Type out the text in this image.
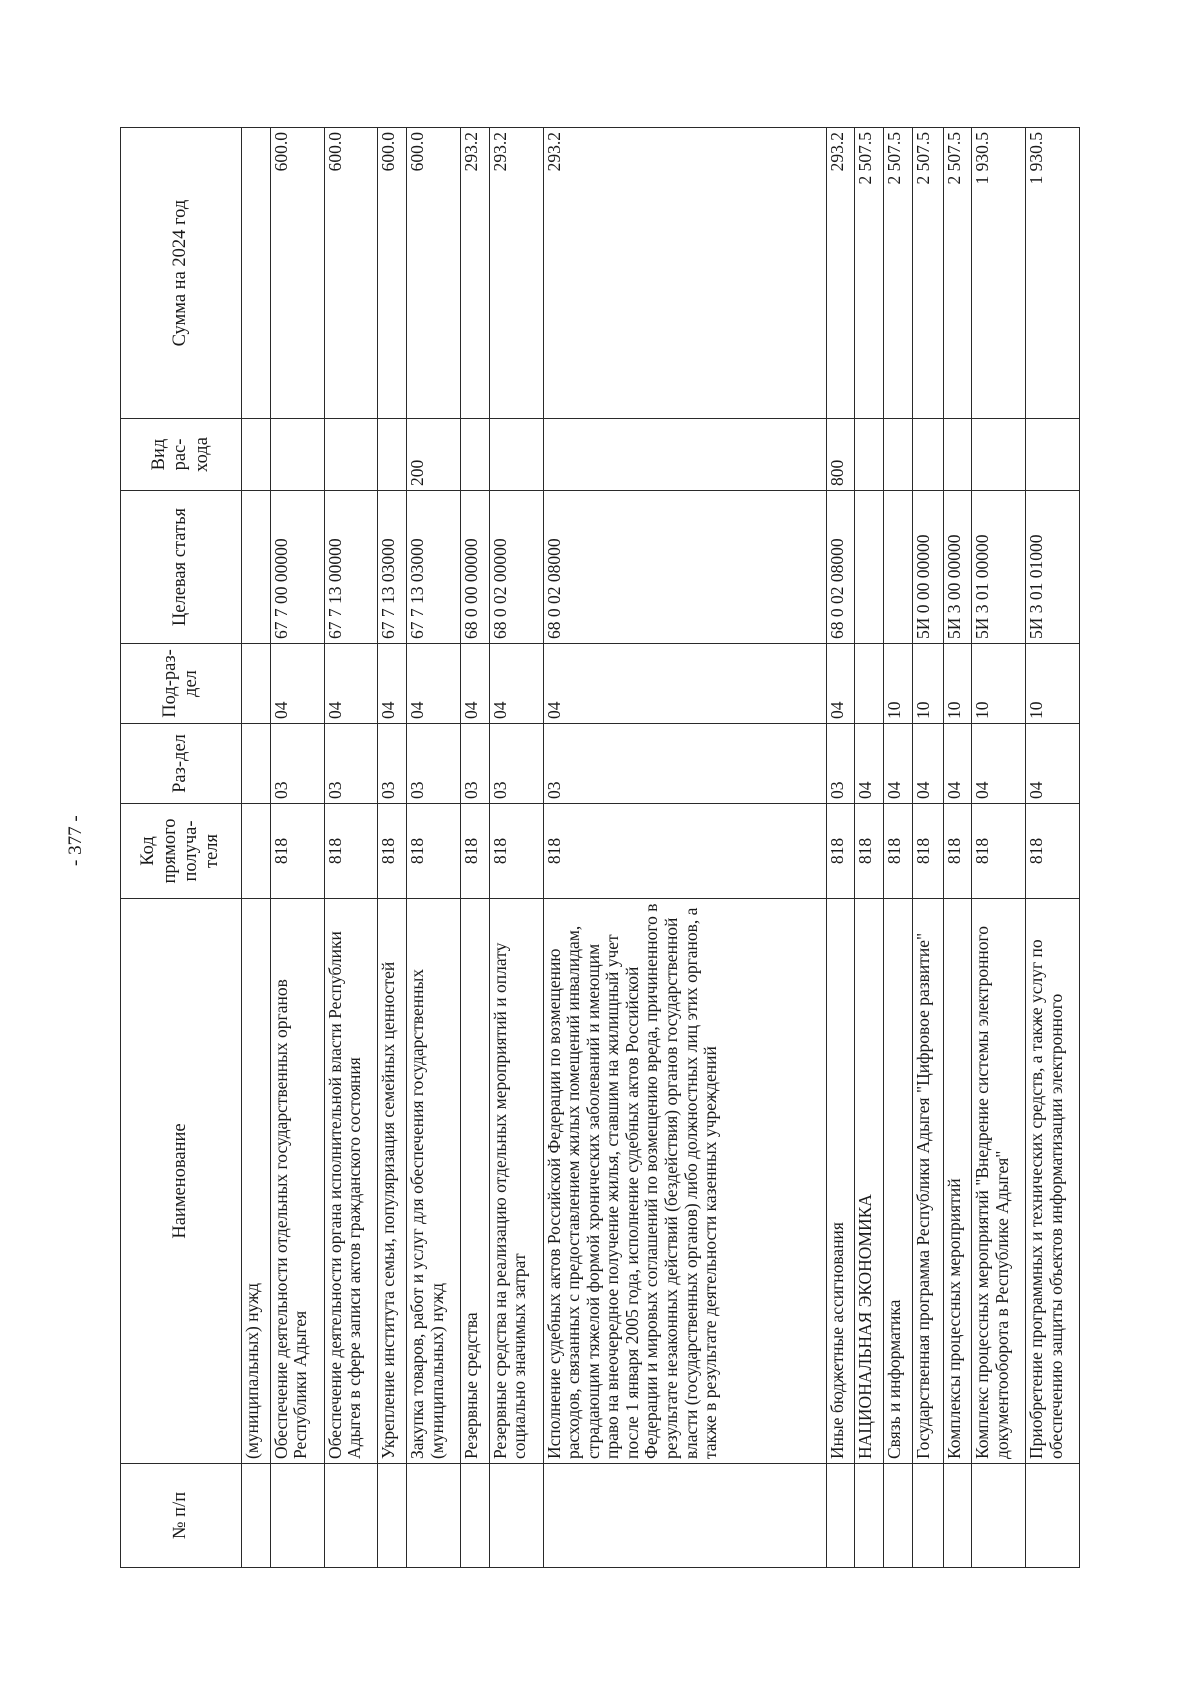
- 377 -
№ п/п	Наименование	Код прямого получа-теля	Раз-дел	Под-раз-дел	Целевая статья	Вид рас-хода	Сумма на 2024 год
	(муниципальных) нужд						
	Обеспечение деятельности отдельных государственных органов Республики Адыгея	818	03	04	67 7 00 00000		600.0
	Обеспечение деятельности органа исполнительной власти Республики Адыгея в сфере записи актов гражданского состояния	818	03	04	67 7 13 00000		600.0
	Укрепление института семьи, популяризация семейных ценностей	818	03	04	67 7 13 03000		600.0
	Закупка товаров, работ и услуг для обеспечения государственных (муниципальных) нужд	818	03	04	67 7 13 03000	200	600.0
	Резервные средства	818	03	04	68 0 00 00000		293.2
	Резервные средства на реализацию отдельных мероприятий и оплату социально значимых затрат	818	03	04	68 0 02 00000		293.2
	Исполнение судебных актов Российской Федерации по возмещению расходов, связанных с предоставлением жилых помещений инвалидам, страдающим тяжелой формой хронических заболеваний и имеющим право на внеочередное получение жилья, ставшим на жилищный учет после 1 января 2005 года, исполнение судебных актов Российской Федерации и мировых соглашений по возмещению вреда, причиненного в результате незаконных действий (бездействия) органов государственной власти (государственных органов) либо должностных лиц этих органов, а также в результате деятельности казенных учреждений	818	03	04	68 0 02 08000		293.2
	Иные бюджетные ассигнования	818	03	04	68 0 02 08000	800	293.2
	НАЦИОНАЛЬНАЯ ЭКОНОМИКА	818	04				2 507.5
	Связь и информатика	818	04	10			2 507.5
	Государственная программа Республики Адыгея "Цифровое развитие"	818	04	10	5И 0 00 00000		2 507.5
	Комплексы процессных мероприятий	818	04	10	5И 3 00 00000		2 507.5
	Комплекс процессных мероприятий "Внедрение системы электронного документооборота в Республике Адыгея"	818	04	10	5И 3 01 00000		1 930.5
	Приобретение программных и технических средств, а также услуг по обеспечению защиты объектов информатизации электронного	818	04	10	5И 3 01 01000		1 930.5
